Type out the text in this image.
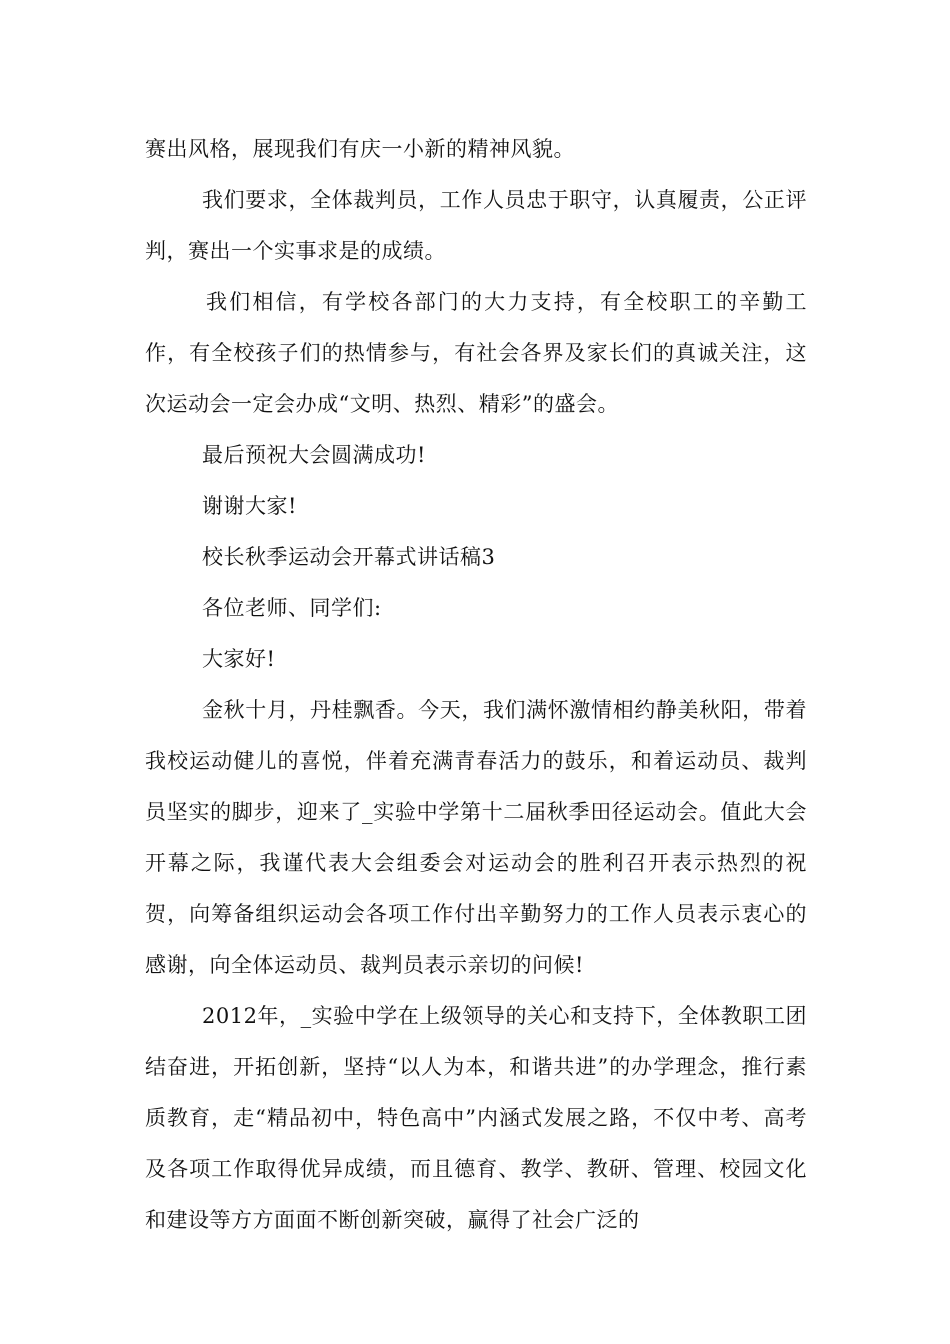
赛出风格，展现我们有庆一小新的精神风貌。

我们要求，全体裁判员，工作人员忠于职守，认真履责，公正评判，赛出一个实事求是的成绩。

我们相信，有学校各部门的大力支持，有全校职工的辛勤工作，有全校孩子们的热情参与，有社会各界及家长们的真诚关注，这次运动会一定会办成“文明、热烈、精彩”的盛会。

最后预祝大会圆满成功!

谢谢大家!

校长秋季运动会开幕式讲话稿3

各位老师、同学们:

大家好!

金秋十月，丹桂飘香。今天，我们满怀激情相约静美秋阳，带着我校运动健儿的喜悦，伴着充满青春活力的鼓乐，和着运动员、裁判员坚实的脚步，迎来了_实验中学第十二届秋季田径运动会。值此大会开幕之际，我谨代表大会组委会对运动会的胜利召开表示热烈的祝贺，向筹备组织运动会各项工作付出辛勤努力的工作人员表示衷心的感谢，向全体运动员、裁判员表示亲切的问候!

2012年，_实验中学在上级领导的关心和支持下，全体教职工团结奋进，开拓创新，坚持“以人为本，和谐共进”的办学理念，推行素质教育，走“精品初中，特色高中”内涵式发展之路，不仅中考、高考及各项工作取得优异成绩，而且德育、教学、教研、管理、校园文化和建设等方方面面不断创新突破，赢得了社会广泛的
